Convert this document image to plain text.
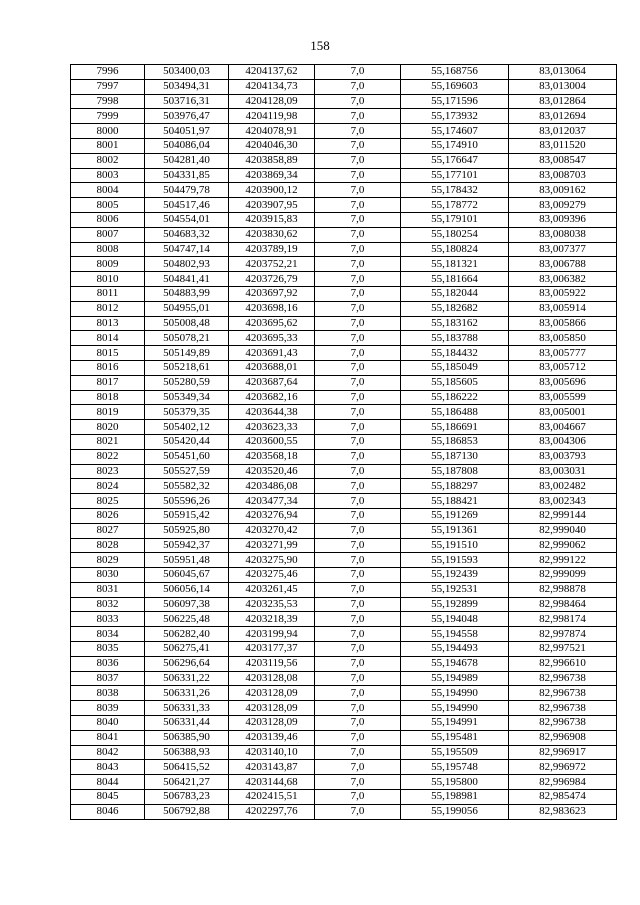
158
7996	503400,03	4204137,62	7,0	55,168756	83,013064
7997	503494,31	4204134,73	7,0	55,169603	83,013004
7998	503716,31	4204128,09	7,0	55,171596	83,012864
7999	503976,47	4204119,98	7,0	55,173932	83,012694
8000	504051,97	4204078,91	7,0	55,174607	83,012037
8001	504086,04	4204046,30	7,0	55,174910	83,011520
8002	504281,40	4203858,89	7,0	55,176647	83,008547
8003	504331,85	4203869,34	7,0	55,177101	83,008703
8004	504479,78	4203900,12	7,0	55,178432	83,009162
8005	504517,46	4203907,95	7,0	55,178772	83,009279
8006	504554,01	4203915,83	7,0	55,179101	83,009396
8007	504683,32	4203830,62	7,0	55,180254	83,008038
8008	504747,14	4203789,19	7,0	55,180824	83,007377
8009	504802,93	4203752,21	7,0	55,181321	83,006788
8010	504841,41	4203726,79	7,0	55,181664	83,006382
8011	504883,99	4203697,92	7,0	55,182044	83,005922
8012	504955,01	4203698,16	7,0	55,182682	83,005914
8013	505008,48	4203695,62	7,0	55,183162	83,005866
8014	505078,21	4203695,33	7,0	55,183788	83,005850
8015	505149,89	4203691,43	7,0	55,184432	83,005777
8016	505218,61	4203688,01	7,0	55,185049	83,005712
8017	505280,59	4203687,64	7,0	55,185605	83,005696
8018	505349,34	4203682,16	7,0	55,186222	83,005599
8019	505379,35	4203644,38	7,0	55,186488	83,005001
8020	505402,12	4203623,33	7,0	55,186691	83,004667
8021	505420,44	4203600,55	7,0	55,186853	83,004306
8022	505451,60	4203568,18	7,0	55,187130	83,003793
8023	505527,59	4203520,46	7,0	55,187808	83,003031
8024	505582,32	4203486,08	7,0	55,188297	83,002482
8025	505596,26	4203477,34	7,0	55,188421	83,002343
8026	505915,42	4203276,94	7,0	55,191269	82,999144
8027	505925,80	4203270,42	7,0	55,191361	82,999040
8028	505942,37	4203271,99	7,0	55,191510	82,999062
8029	505951,48	4203275,90	7,0	55,191593	82,999122
8030	506045,67	4203275,46	7,0	55,192439	82,999099
8031	506056,14	4203261,45	7,0	55,192531	82,998878
8032	506097,38	4203235,53	7,0	55,192899	82,998464
8033	506225,48	4203218,39	7,0	55,194048	82,998174
8034	506282,40	4203199,94	7,0	55,194558	82,997874
8035	506275,41	4203177,37	7,0	55,194493	82,997521
8036	506296,64	4203119,56	7,0	55,194678	82,996610
8037	506331,22	4203128,08	7,0	55,194989	82,996738
8038	506331,26	4203128,09	7,0	55,194990	82,996738
8039	506331,33	4203128,09	7,0	55,194990	82,996738
8040	506331,44	4203128,09	7,0	55,194991	82,996738
8041	506385,90	4203139,46	7,0	55,195481	82,996908
8042	506388,93	4203140,10	7,0	55,195509	82,996917
8043	506415,52	4203143,87	7,0	55,195748	82,996972
8044	506421,27	4203144,68	7,0	55,195800	82,996984
8045	506783,23	4202415,51	7,0	55,198981	82,985474
8046	506792,88	4202297,76	7,0	55,199056	82,983623
